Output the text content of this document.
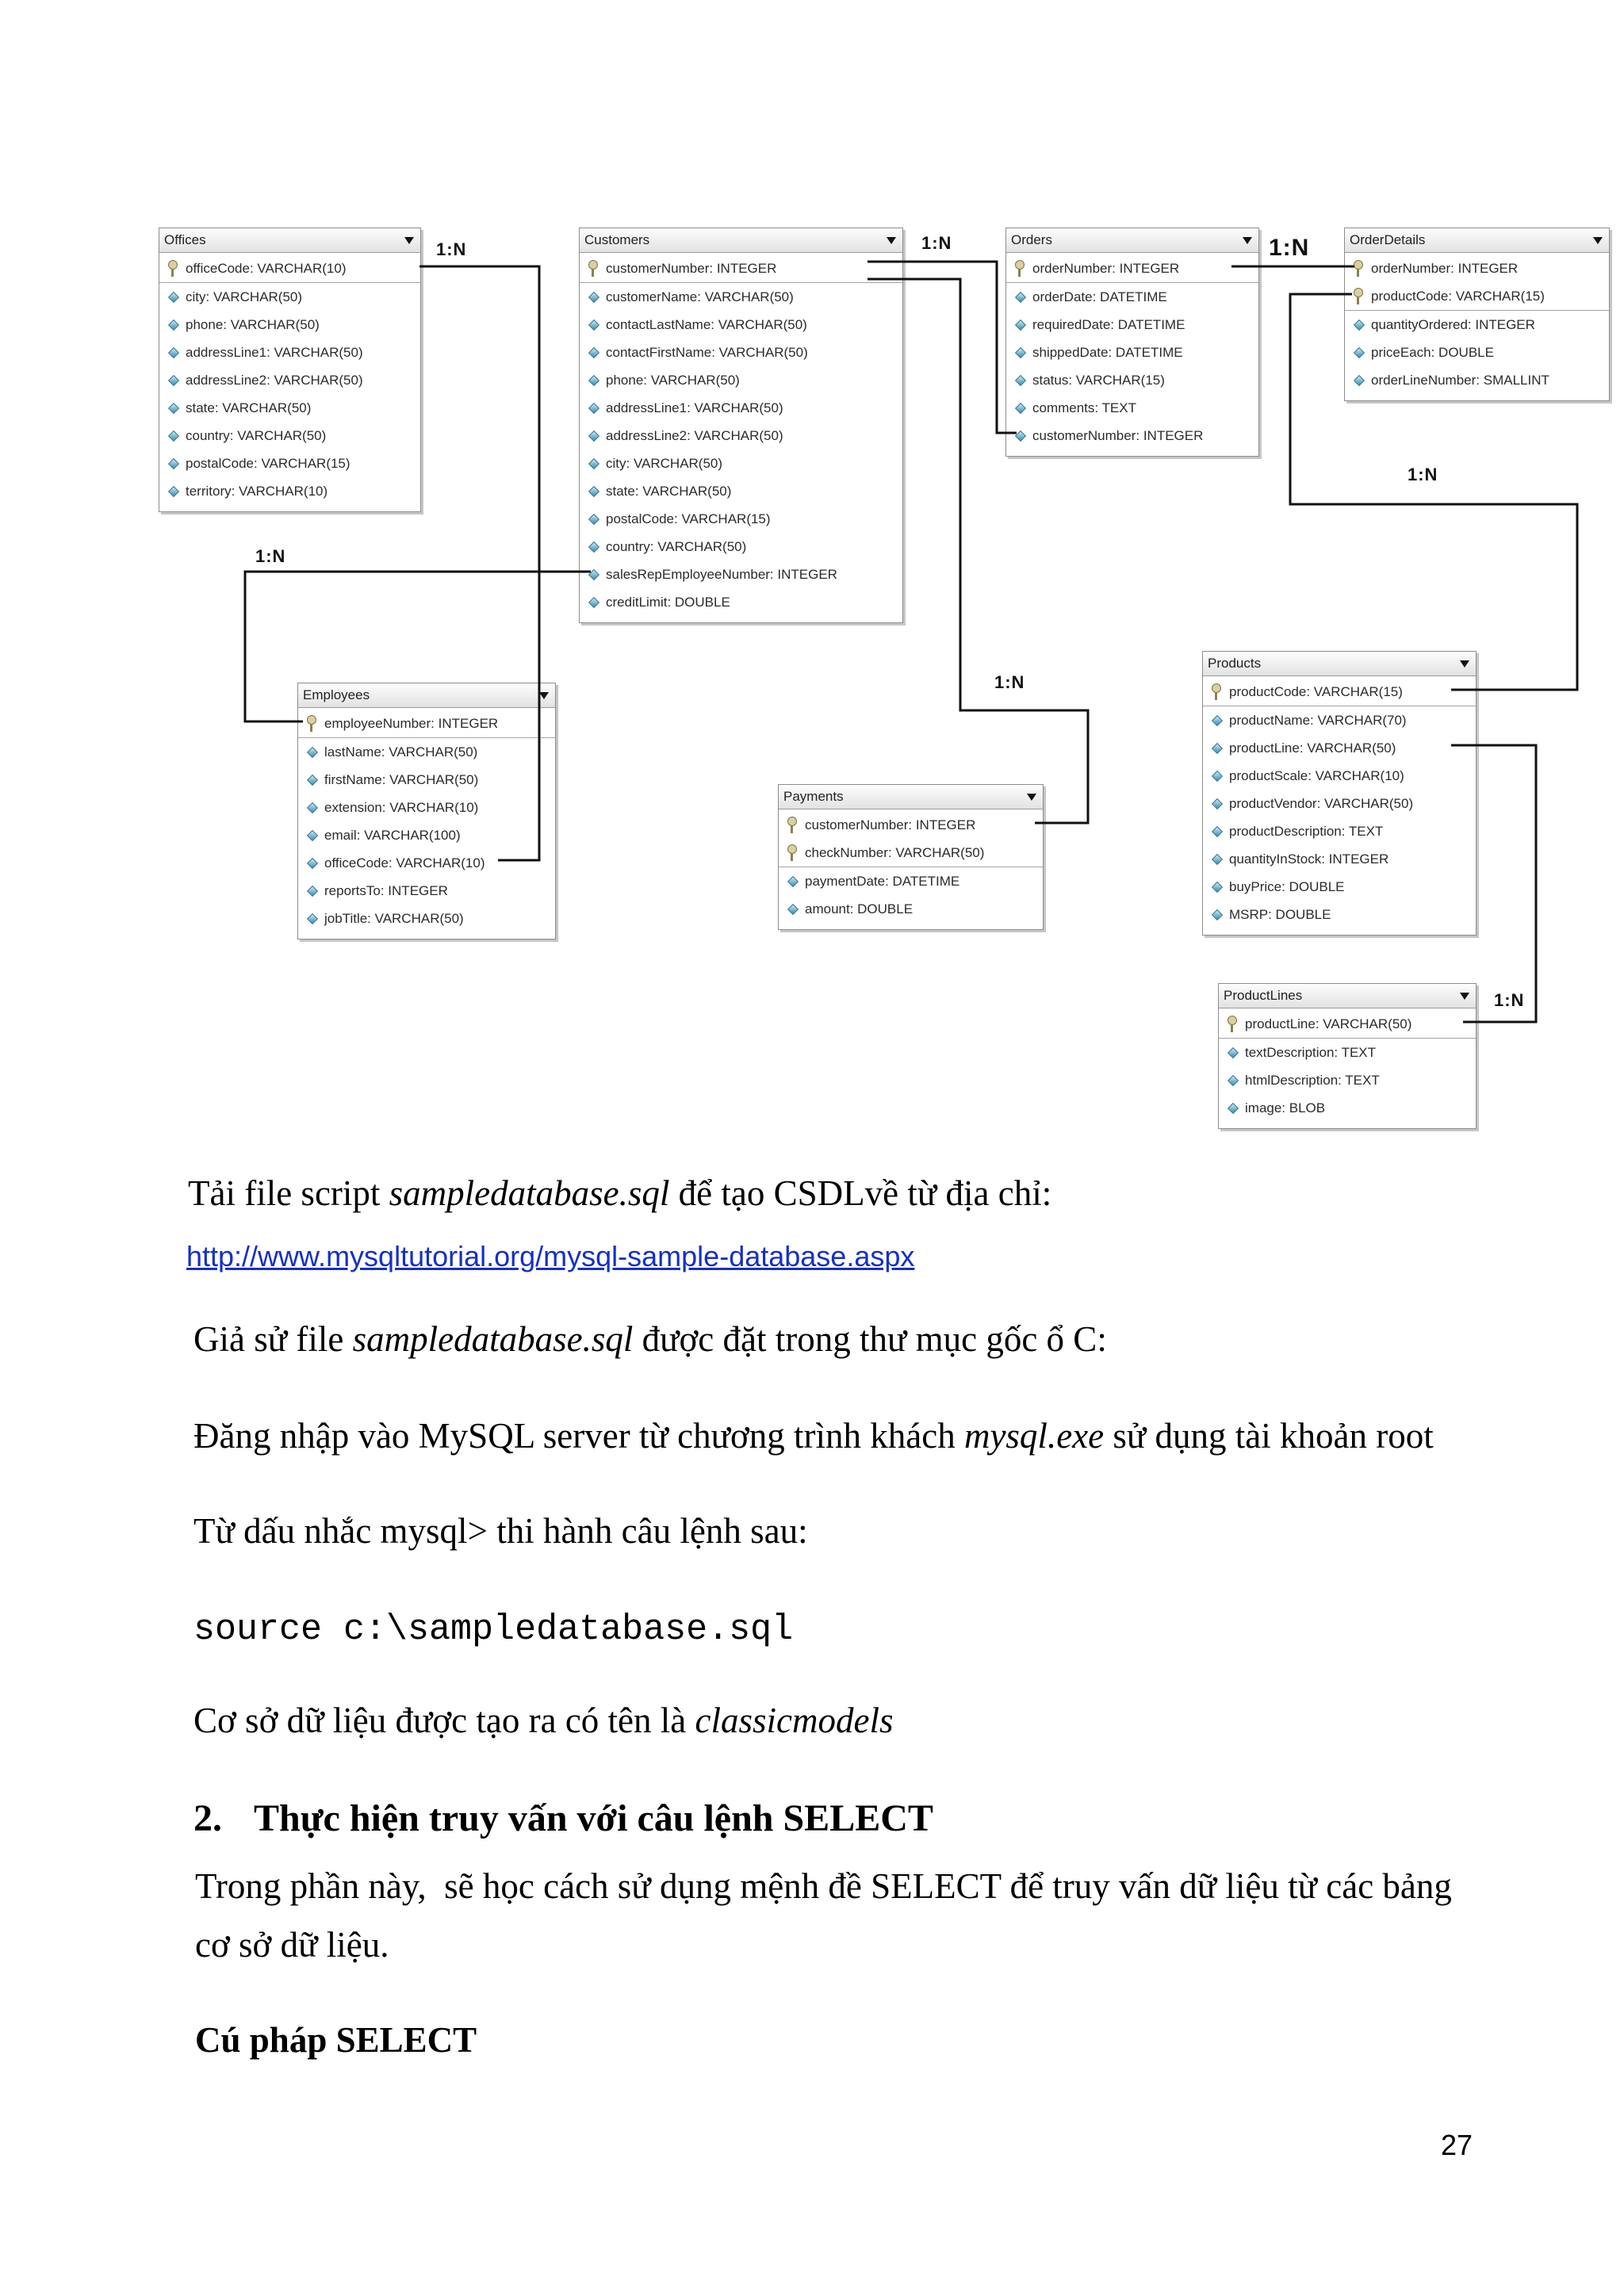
Offices
officeCode: VARCHAR(10)
city: VARCHAR(50)
phone: VARCHAR(50)
addressLine1: VARCHAR(50)
addressLine2: VARCHAR(50)
state: VARCHAR(50)
country: VARCHAR(50)
postalCode: VARCHAR(15)
territory: VARCHAR(10)
Customers
customerNumber: INTEGER
customerName: VARCHAR(50)
contactLastName: VARCHAR(50)
contactFirstName: VARCHAR(50)
phone: VARCHAR(50)
addressLine1: VARCHAR(50)
addressLine2: VARCHAR(50)
city: VARCHAR(50)
state: VARCHAR(50)
postalCode: VARCHAR(15)
country: VARCHAR(50)
salesRepEmployeeNumber: INTEGER
creditLimit: DOUBLE
Orders
orderNumber: INTEGER
orderDate: DATETIME
requiredDate: DATETIME
shippedDate: DATETIME
status: VARCHAR(15)
comments: TEXT
customerNumber: INTEGER
OrderDetails
orderNumber: INTEGER
productCode: VARCHAR(15)
quantityOrdered: INTEGER
priceEach: DOUBLE
orderLineNumber: SMALLINT
Employees
employeeNumber: INTEGER
lastName: VARCHAR(50)
firstName: VARCHAR(50)
extension: VARCHAR(10)
email: VARCHAR(100)
officeCode: VARCHAR(10)
reportsTo: INTEGER
jobTitle: VARCHAR(50)
Payments
customerNumber: INTEGER
checkNumber: VARCHAR(50)
paymentDate: DATETIME
amount: DOUBLE
Products
productCode: VARCHAR(15)
productName: VARCHAR(70)
productLine: VARCHAR(50)
productScale: VARCHAR(10)
productVendor: VARCHAR(50)
productDescription: TEXT
quantityInStock: INTEGER
buyPrice: DOUBLE
MSRP: DOUBLE
ProductLines
productLine: VARCHAR(50)
textDescription: TEXT
htmlDescription: TEXT
image: BLOB
1:N	1:N	1:N
1:N
1:N
1:N
1:N
Tải file script sampledatabase.sql để tạo CSDLvề từ địa chỉ:
http://www.mysqltutorial.org/mysql-sample-database.aspx
Giả sử file sampledatabase.sql được đặt trong thư mục gốc ổ C:
Đăng nhập vào MySQL server từ chương trình khách mysql.exe sử dụng tài khoản root
Từ dấu nhắc mysql> thi hành câu lệnh sau:
source c:\sampledatabase.sql
Cơ sở dữ liệu được tạo ra có tên là classicmodels
2. Thực hiện truy vấn với câu lệnh SELECT
Trong phần này,  sẽ học cách sử dụng mệnh đề SELECT để truy vấn dữ liệu từ các bảng
cơ sở dữ liệu.
Cú pháp SELECT
27
